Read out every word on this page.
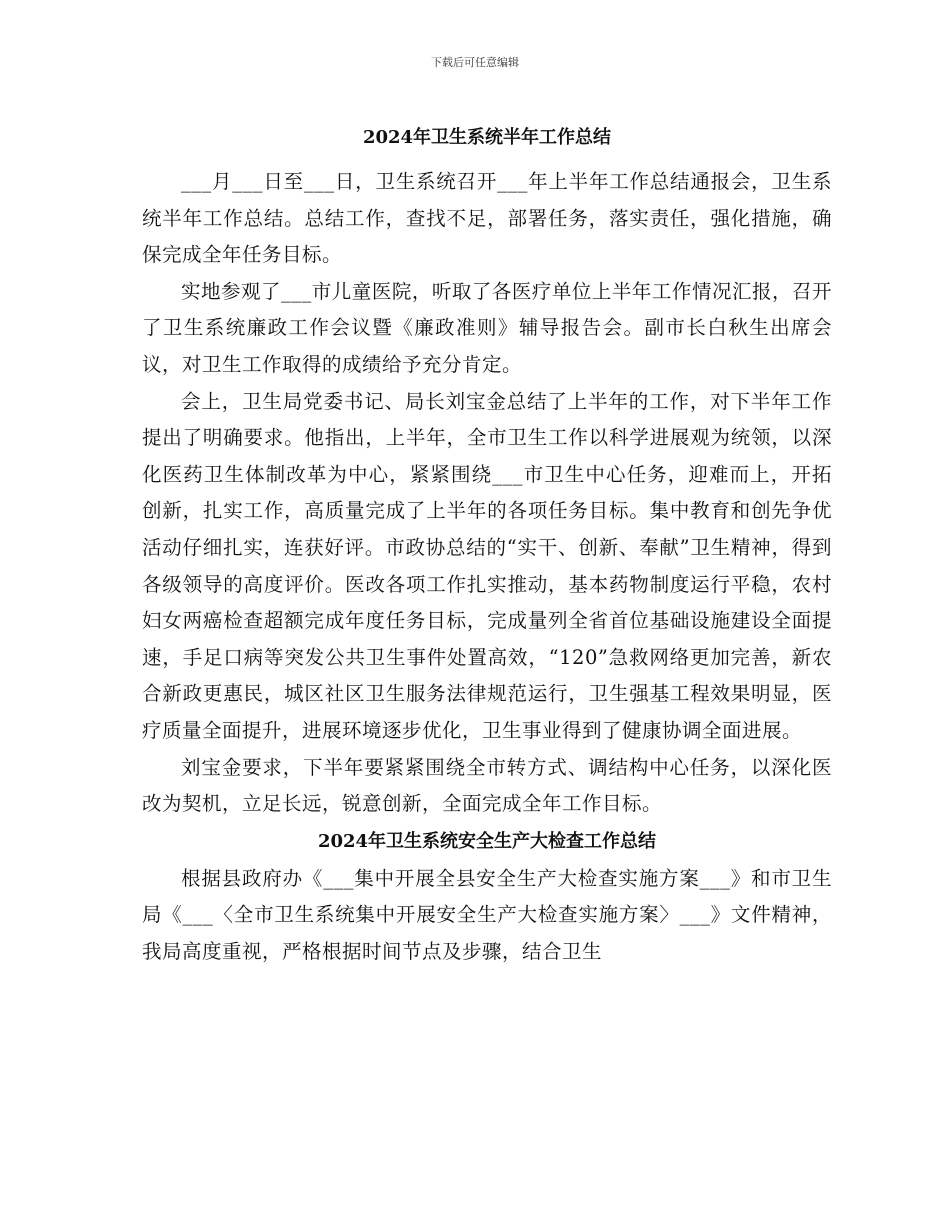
下载后可任意编辑
2024年卫生系统半年工作总结

___月___日至___日，卫生系统召开___年上半年工作总结通报会，卫生系统半年工作总结。总结工作，查找不足，部署任务，落实责任，强化措施，确保完成全年任务目标。

实地参观了___市儿童医院，听取了各医疗单位上半年工作情况汇报，召开了卫生系统廉政工作会议暨《廉政准则》辅导报告会。副市长白秋生出席会议，对卫生工作取得的成绩给予充分肯定。

会上，卫生局党委书记、局长刘宝金总结了上半年的工作，对下半年工作提出了明确要求。他指出，上半年，全市卫生工作以科学进展观为统领，以深化医药卫生体制改革为中心，紧紧围绕___市卫生中心任务，迎难而上，开拓创新，扎实工作，高质量完成了上半年的各项任务目标。集中教育和创先争优活动仔细扎实，连获好评。市政协总结的“实干、创新、奉献”卫生精神，得到各级领导的高度评价。医改各项工作扎实推动，基本药物制度运行平稳，农村妇女两癌检查超额完成年度任务目标，完成量列全省首位基础设施建设全面提速，手足口病等突发公共卫生事件处置高效，“120”急救网络更加完善，新农合新政更惠民，城区社区卫生服务法律规范运行，卫生强基工程效果明显，医疗质量全面提升，进展环境逐步优化，卫生事业得到了健康协调全面进展。

刘宝金要求，下半年要紧紧围绕全市转方式、调结构中心任务，以深化医改为契机，立足长远，锐意创新，全面完成全年工作目标。

2024年卫生系统安全生产大检查工作总结

根据县政府办《___集中开展全县安全生产大检查实施方案___》和市卫生局《___〈全市卫生系统集中开展安全生产大检查实施方案〉___》文件精神，我局高度重视，严格根据时间节点及步骤，结合卫生
